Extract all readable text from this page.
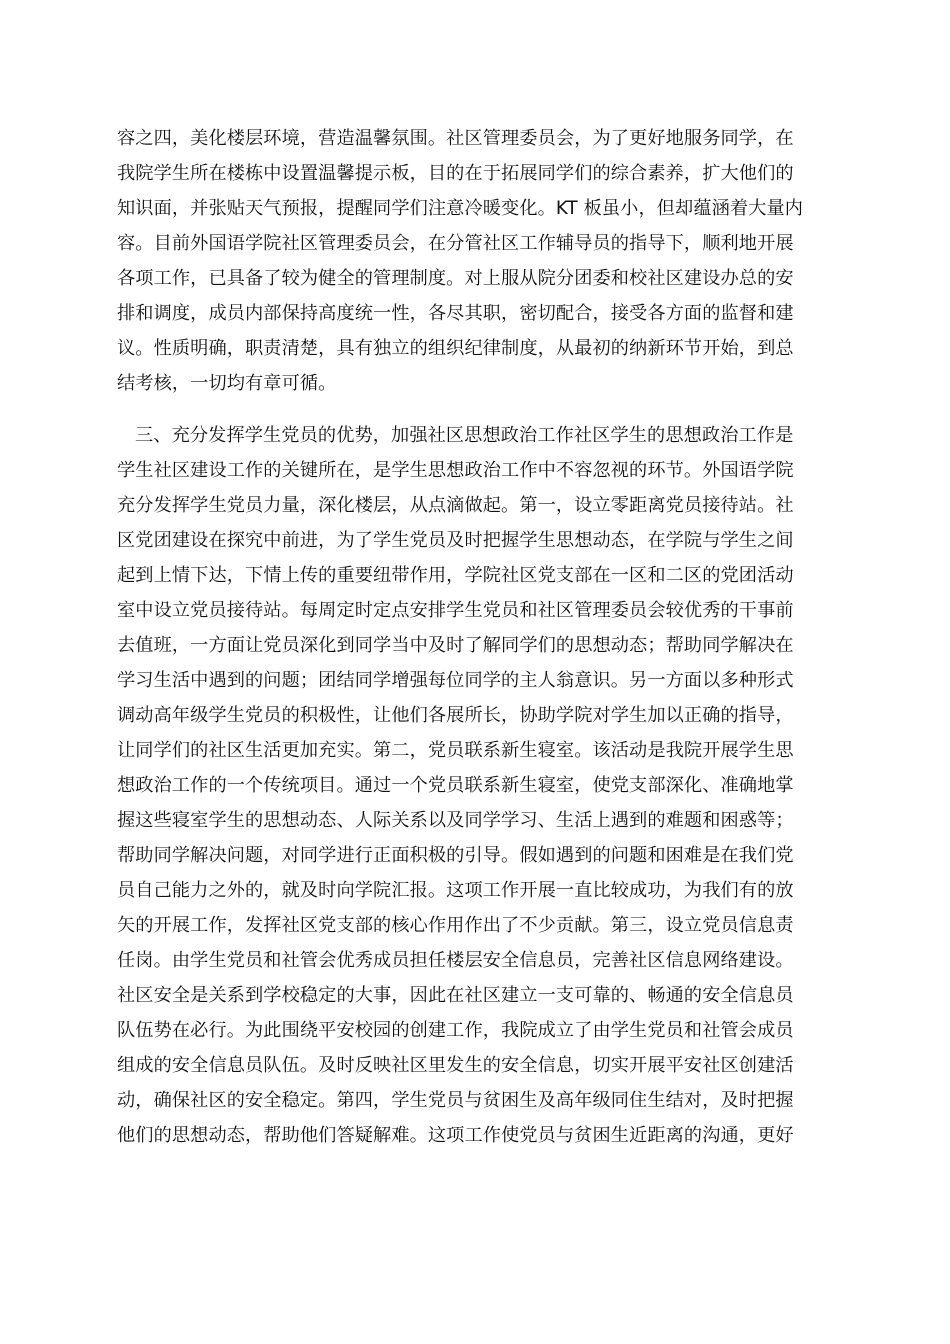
容之四，美化楼层环境，营造温馨氛围。社区管理委员会，为了更好地服务同学，在
我院学生所在楼栋中设置温馨提示板，目的在于拓展同学们的综合素养，扩大他们的
知识面，并张贴天气预报，提醒同学们注意冷暖变化。KT 板虽小，但却蕴涵着大量内
容。目前外国语学院社区管理委员会，在分管社区工作辅导员的指导下，顺利地开展
各项工作，已具备了较为健全的管理制度。对上服从院分团委和校社区建设办总的安
排和调度，成员内部保持高度统一性，各尽其职，密切配合，接受各方面的监督和建
议。性质明确，职责清楚，具有独立的组织纪律制度，从最初的纳新环节开始，到总
结考核，一切均有章可循。
三、充分发挥学生党员的优势，加强社区思想政治工作社区学生的思想政治工作是
学生社区建设工作的关键所在，是学生思想政治工作中不容忽视的环节。外国语学院
充分发挥学生党员力量，深化楼层，从点滴做起。第一，设立零距离党员接待站。社
区党团建设在探究中前进，为了学生党员及时把握学生思想动态，在学院与学生之间
起到上情下达，下情上传的重要纽带作用，学院社区党支部在一区和二区的党团活动
室中设立党员接待站。每周定时定点安排学生党员和社区管理委员会较优秀的干事前
去值班，一方面让党员深化到同学当中及时了解同学们的思想动态；帮助同学解决在
学习生活中遇到的问题；团结同学增强每位同学的主人翁意识。另一方面以多种形式
调动高年级学生党员的积极性，让他们各展所长，协助学院对学生加以正确的指导，
让同学们的社区生活更加充实。第二，党员联系新生寝室。该活动是我院开展学生思
想政治工作的一个传统项目。通过一个党员联系新生寝室，使党支部深化、准确地掌
握这些寝室学生的思想动态、人际关系以及同学学习、生活上遇到的难题和困惑等；
帮助同学解决问题，对同学进行正面积极的引导。假如遇到的问题和困难是在我们党
员自己能力之外的，就及时向学院汇报。这项工作开展一直比较成功，为我们有的放
矢的开展工作，发挥社区党支部的核心作用作出了不少贡献。第三，设立党员信息责
任岗。由学生党员和社管会优秀成员担任楼层安全信息员，完善社区信息网络建设。
社区安全是关系到学校稳定的大事，因此在社区建立一支可靠的、畅通的安全信息员
队伍势在必行。为此围绕平安校园的创建工作，我院成立了由学生党员和社管会成员
组成的安全信息员队伍。及时反映社区里发生的安全信息，切实开展平安社区创建活
动，确保社区的安全稳定。第四，学生党员与贫困生及高年级同住生结对，及时把握
他们的思想动态，帮助他们答疑解难。这项工作使党员与贫困生近距离的沟通，更好
